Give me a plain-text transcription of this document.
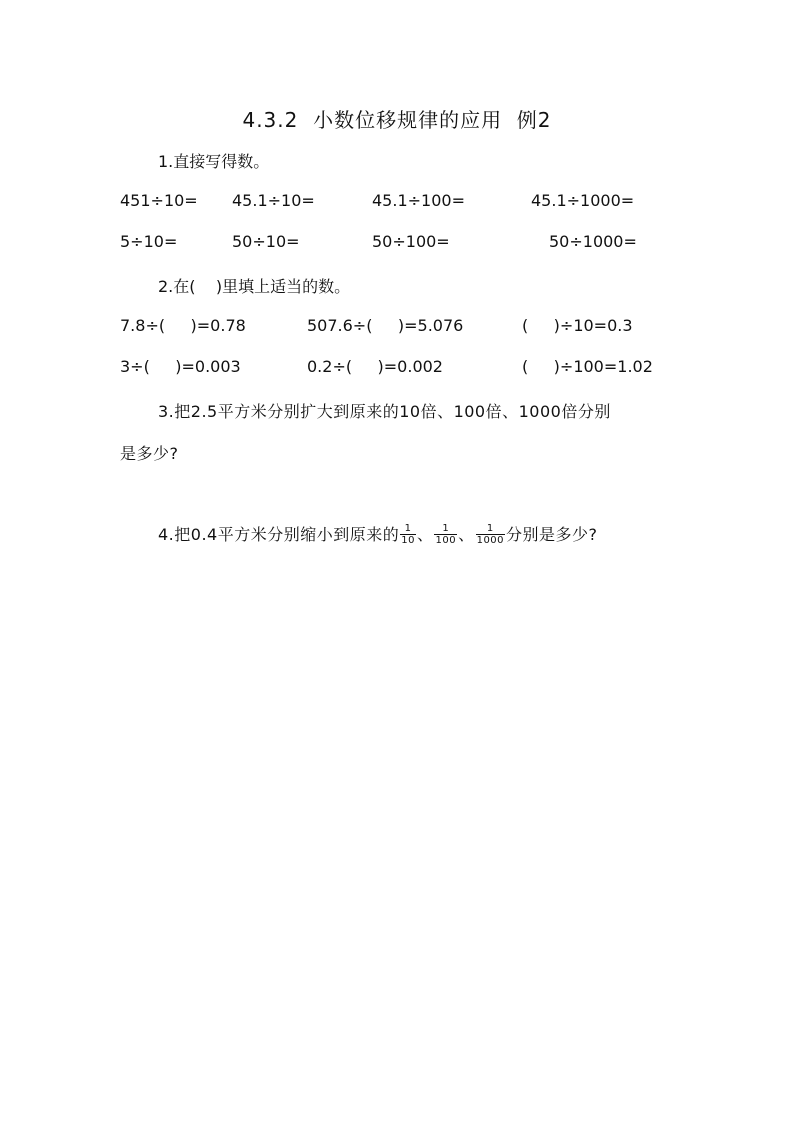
4.3.2  小数位移规律的应用  例2
1.直接写得数。
451÷10= 45.1÷10=	45.1÷100=	45.1÷1000=
5÷10=	50÷10=	50÷100=	50÷1000=
2.在(    )里填上适当的数。
7.8÷(     )=0.78	507.6÷(     )=5.076	(     )÷10=0.3
3÷(     )=0.003	0.2÷(     )=0.002	(     )÷100=1.02
3.把2.5平方米分别扩大到原来的10倍、100倍、1000倍分别
是多少?
4.把0.4平方米分别缩小到原来的 $\frac{1}{10}$ 、 $\frac{1}{100}$ 、 $\frac{1}{1000}$ 分别是多少?
